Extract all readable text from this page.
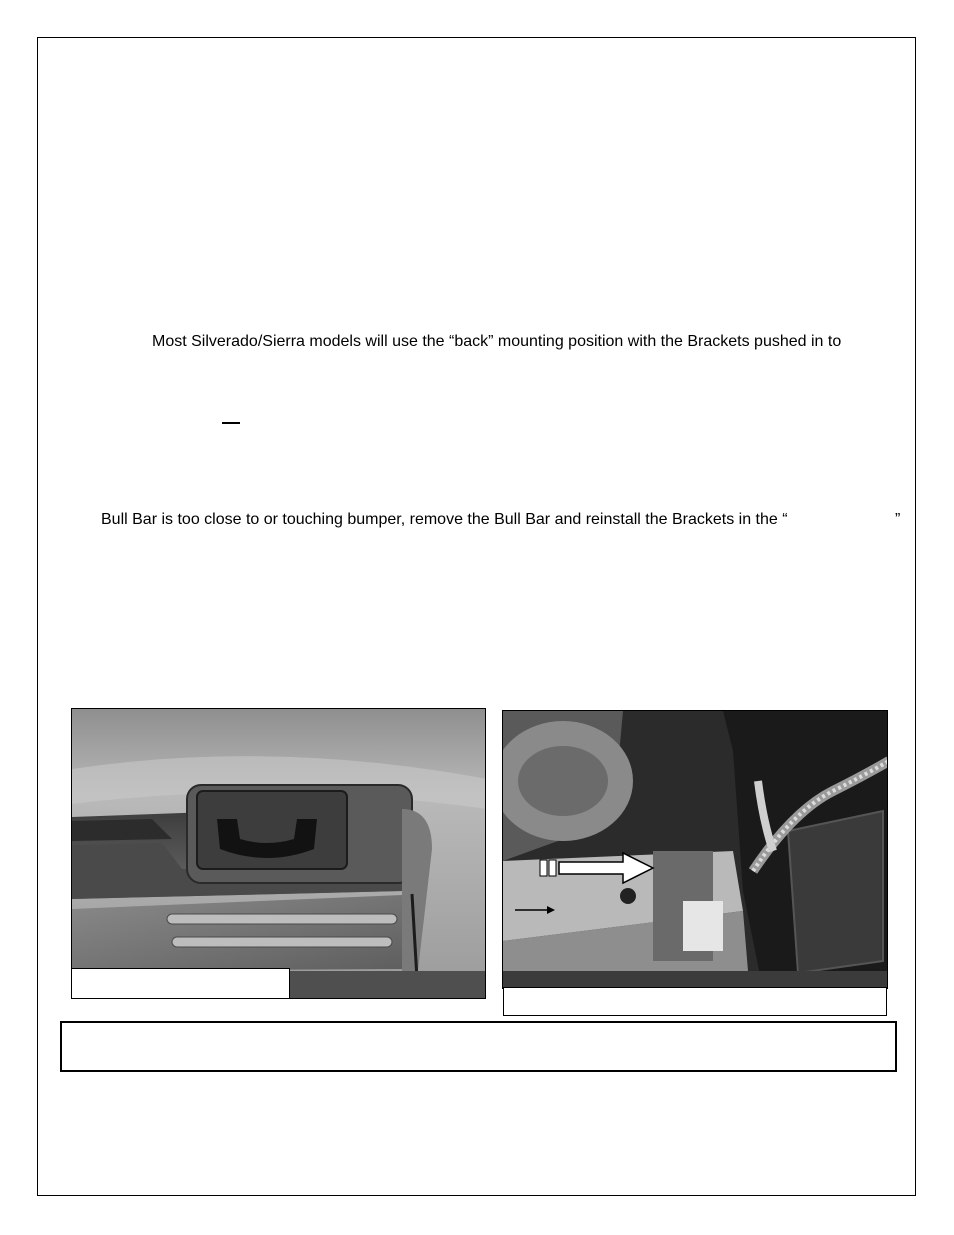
Most Silverado/Sierra models will use the “back” mounting position with the Brackets pushed in to
Bull Bar is too close to or touching bumper, remove the Bull Bar and reinstall the Brackets in the “	”
